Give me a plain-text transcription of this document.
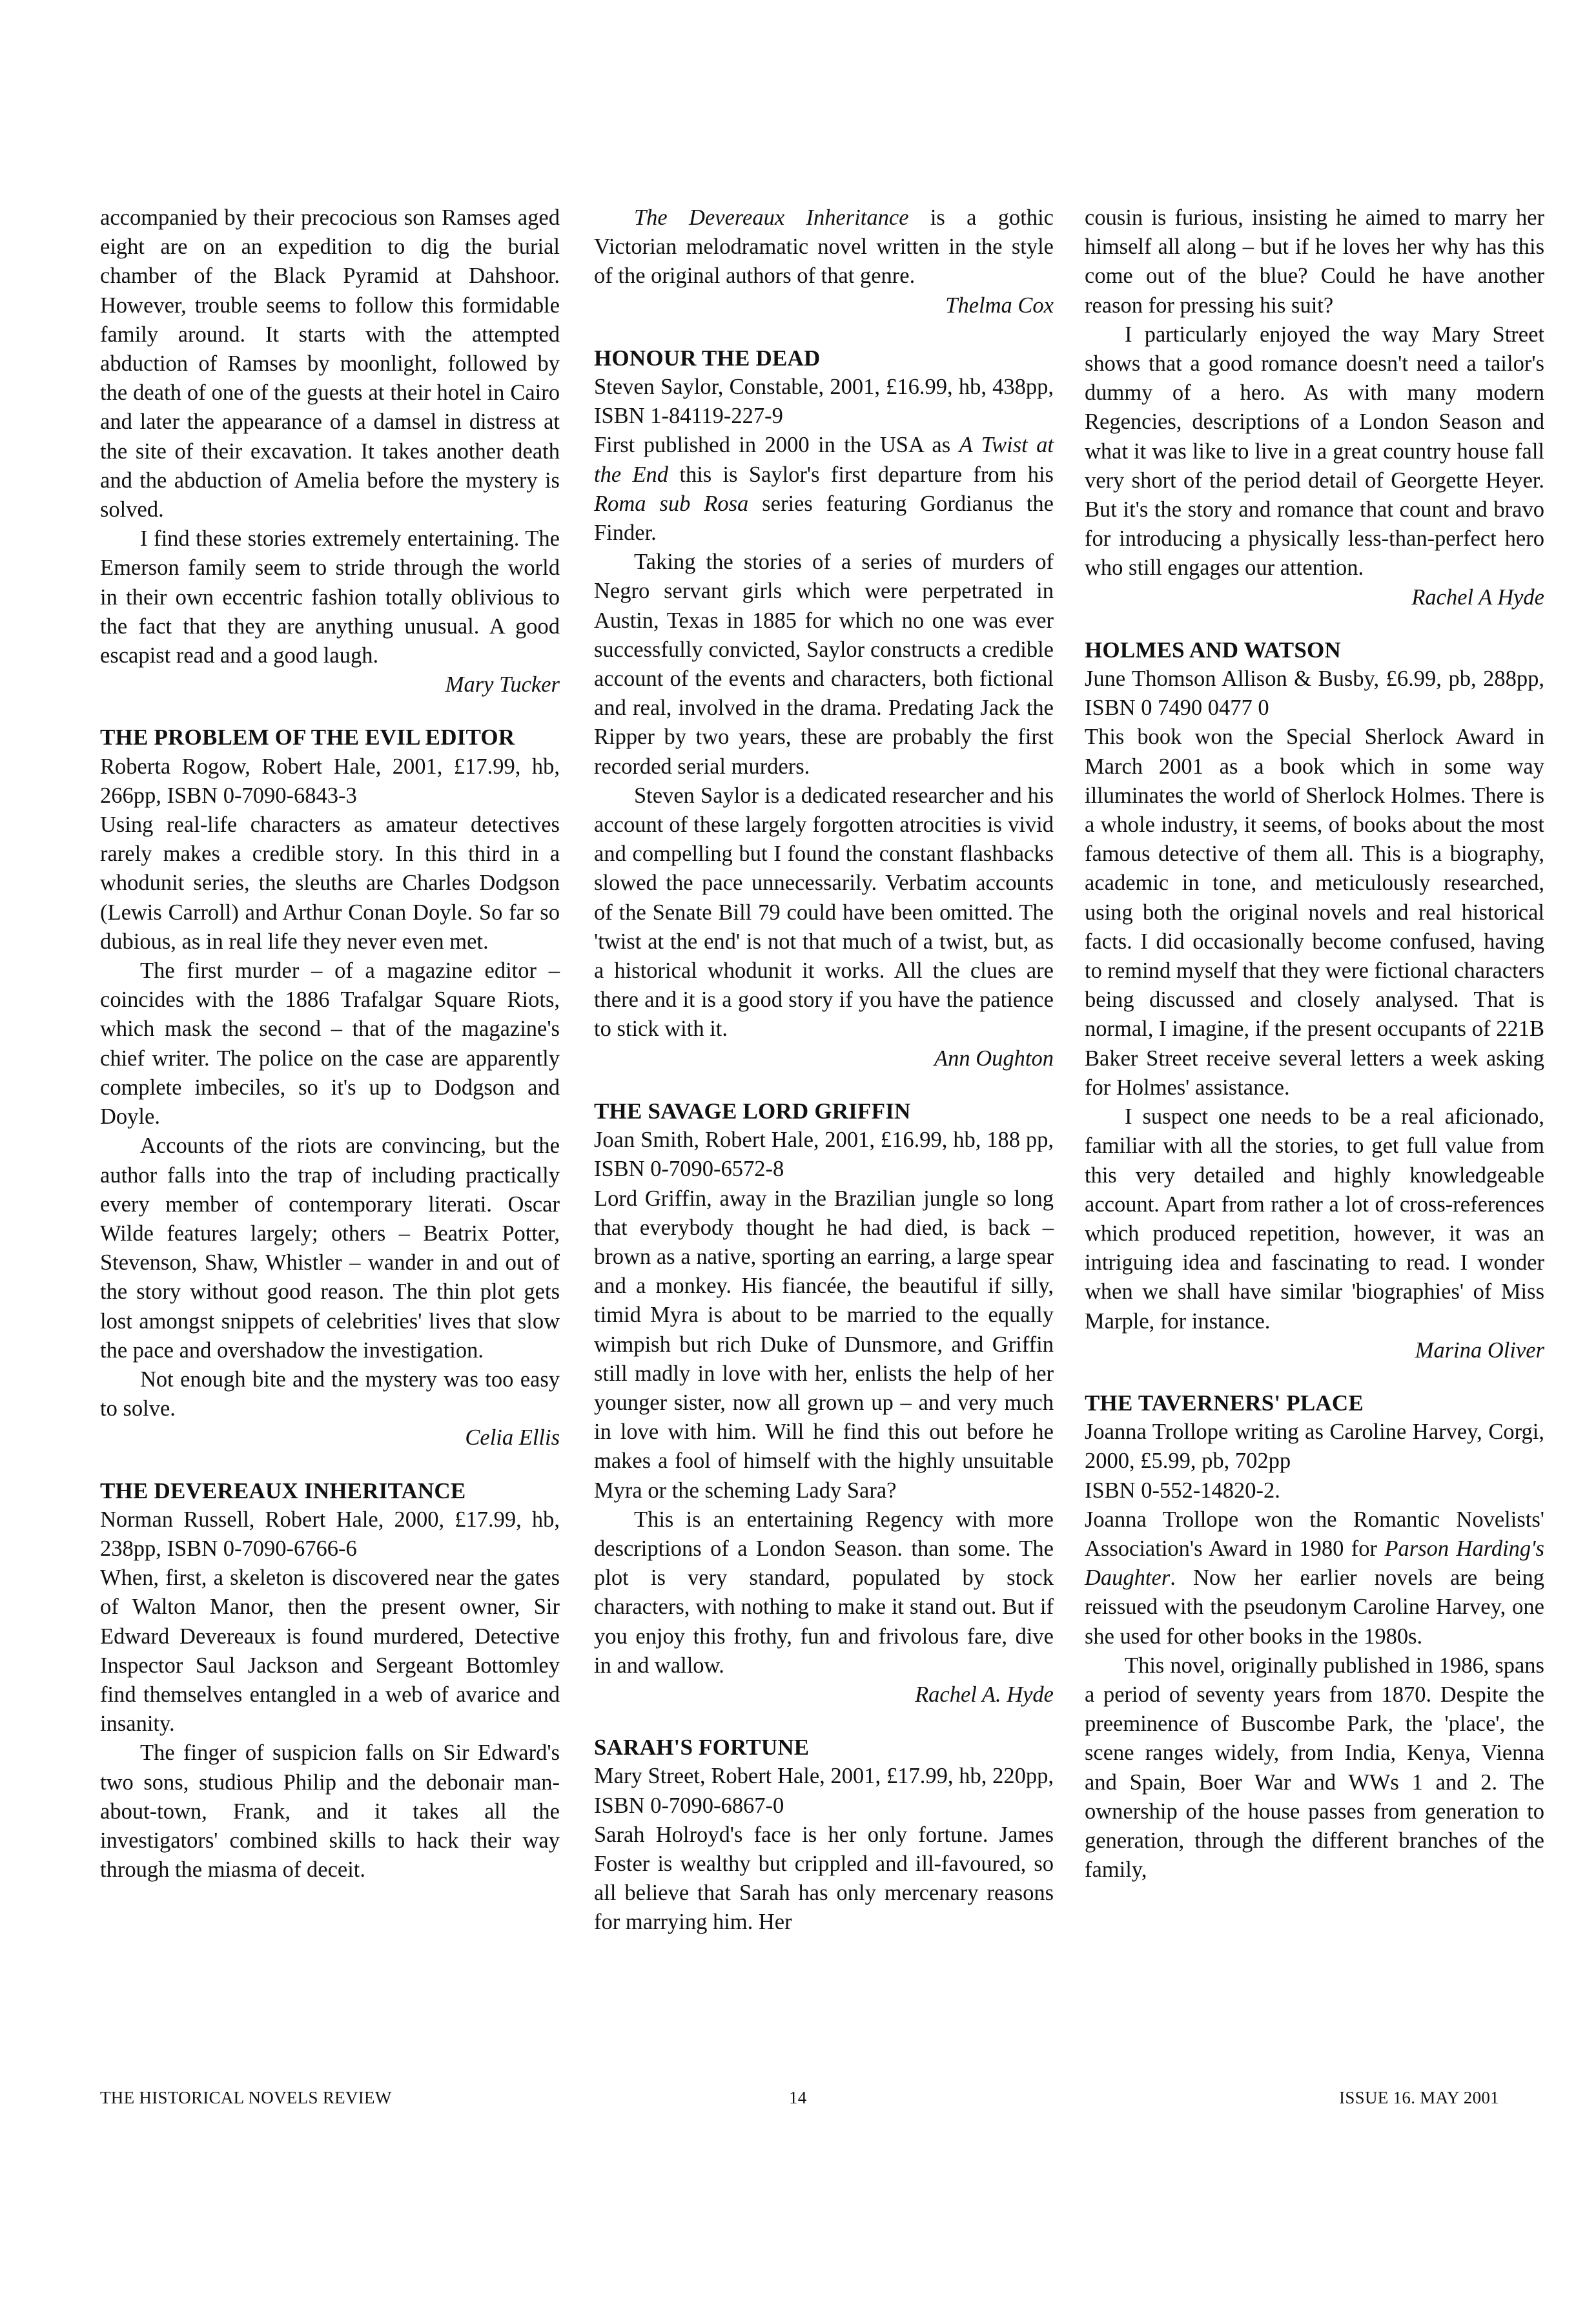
accompanied by their precocious son Ramses aged eight are on an expedition to dig the burial chamber of the Black Pyramid at Dahshoor. However, trouble seems to follow this formidable family around. It starts with the attempted abduction of Ramses by moonlight, followed by the death of one of the guests at their hotel in Cairo and later the appearance of a damsel in distress at the site of their excavation. It takes another death and the abduction of Amelia before the mystery is solved.

I find these stories extremely entertaining. The Emerson family seem to stride through the world in their own eccentric fashion totally oblivious to the fact that they are anything unusual. A good escapist read and a good laugh.

Mary Tucker

THE PROBLEM OF THE EVIL EDITOR

Roberta Rogow, Robert Hale, 2001, £17.99, hb, 266pp, ISBN 0-7090-6843-3

Using real-life characters as amateur detectives rarely makes a credible story. In this third in a whodunit series, the sleuths are Charles Dodgson (Lewis Carroll) and Arthur Conan Doyle. So far so dubious, as in real life they never even met.

The first murder – of a magazine editor – coincides with the 1886 Trafalgar Square Riots, which mask the second – that of the magazine's chief writer. The police on the case are apparently complete imbeciles, so it's up to Dodgson and Doyle.

Accounts of the riots are convincing, but the author falls into the trap of including practically every member of contemporary literati. Oscar Wilde features largely; others – Beatrix Potter, Stevenson, Shaw, Whistler – wander in and out of the story without good reason. The thin plot gets lost amongst snippets of celebrities' lives that slow the pace and overshadow the investigation.

Not enough bite and the mystery was too easy to solve.

Celia Ellis

THE DEVEREAUX INHERITANCE

Norman Russell, Robert Hale, 2000, £17.99, hb, 238pp, ISBN 0-7090-6766-6

When, first, a skeleton is discovered near the gates of Walton Manor, then the present owner, Sir Edward Devereaux is found murdered, Detective Inspector Saul Jackson and Sergeant Bottomley find themselves entangled in a web of avarice and insanity.

The finger of suspicion falls on Sir Edward's two sons, studious Philip and the debonair man-about-town, Frank, and it takes all the investigators' combined skills to hack their way through the miasma of deceit.

The Devereaux Inheritance is a gothic Victorian melodramatic novel written in the style of the original authors of that genre.

Thelma Cox

HONOUR THE DEAD

Steven Saylor, Constable, 2001, £16.99, hb, 438pp, ISBN 1-84119-227-9

First published in 2000 in the USA as A Twist at the End this is Saylor's first departure from his Roma sub Rosa series featuring Gordianus the Finder.

Taking the stories of a series of murders of Negro servant girls which were perpetrated in Austin, Texas in 1885 for which no one was ever successfully convicted, Saylor constructs a credible account of the events and characters, both fictional and real, involved in the drama. Predating Jack the Ripper by two years, these are probably the first recorded serial murders.

Steven Saylor is a dedicated researcher and his account of these largely forgotten atrocities is vivid and compelling but I found the constant flashbacks slowed the pace unnecessarily. Verbatim accounts of the Senate Bill 79 could have been omitted. The 'twist at the end' is not that much of a twist, but, as a historical whodunit it works. All the clues are there and it is a good story if you have the patience to stick with it.

Ann Oughton

THE SAVAGE LORD GRIFFIN

Joan Smith, Robert Hale, 2001, £16.99, hb, 188 pp, ISBN 0-7090-6572-8

Lord Griffin, away in the Brazilian jungle so long that everybody thought he had died, is back – brown as a native, sporting an earring, a large spear and a monkey. His fiancée, the beautiful if silly, timid Myra is about to be married to the equally wimpish but rich Duke of Dunsmore, and Griffin still madly in love with her, enlists the help of her younger sister, now all grown up – and very much in love with him. Will he find this out before he makes a fool of himself with the highly unsuitable Myra or the scheming Lady Sara?

This is an entertaining Regency with more descriptions of a London Season. than some. The plot is very standard, populated by stock characters, with nothing to make it stand out. But if you enjoy this frothy, fun and frivolous fare, dive in and wallow.

Rachel A. Hyde

SARAH'S FORTUNE

Mary Street, Robert Hale, 2001, £17.99, hb, 220pp, ISBN 0-7090-6867-0

Sarah Holroyd's face is her only fortune. James Foster is wealthy but crippled and ill-favoured, so all believe that Sarah has only mercenary reasons for marrying him. Her

cousin is furious, insisting he aimed to marry her himself all along – but if he loves her why has this come out of the blue? Could he have another reason for pressing his suit?

I particularly enjoyed the way Mary Street shows that a good romance doesn't need a tailor's dummy of a hero. As with many modern Regencies, descriptions of a London Season and what it was like to live in a great country house fall very short of the period detail of Georgette Heyer. But it's the story and romance that count and bravo for introducing a physically less-than-perfect hero who still engages our attention.

Rachel A Hyde

HOLMES AND WATSON

June Thomson Allison & Busby, £6.99, pb, 288pp, ISBN 0 7490 0477 0

This book won the Special Sherlock Award in March 2001 as a book which in some way illuminates the world of Sherlock Holmes. There is a whole industry, it seems, of books about the most famous detective of them all. This is a biography, academic in tone, and meticulously researched, using both the original novels and real historical facts. I did occasionally become confused, having to remind myself that they were fictional characters being discussed and closely analysed. That is normal, I imagine, if the present occupants of 221B Baker Street receive several letters a week asking for Holmes' assistance.

I suspect one needs to be a real aficionado, familiar with all the stories, to get full value from this very detailed and highly knowledgeable account. Apart from rather a lot of cross-references which produced repetition, however, it was an intriguing idea and fascinating to read. I wonder when we shall have similar 'biographies' of Miss Marple, for instance.

Marina Oliver

THE TAVERNERS' PLACE

Joanna Trollope writing as Caroline Harvey, Corgi, 2000, £5.99, pb, 702pp

ISBN 0-552-14820-2.

Joanna Trollope won the Romantic Novelists' Association's Award in 1980 for Parson Harding's Daughter. Now her earlier novels are being reissued with the pseudonym Caroline Harvey, one she used for other books in the 1980s.

This novel, originally published in 1986, spans a period of seventy years from 1870. Despite the preeminence of Buscombe Park, the 'place', the scene ranges widely, from India, Kenya, Vienna and Spain, Boer War and WWs 1 and 2. The ownership of the house passes from generation to generation, through the different branches of the family,

THE HISTORICAL NOVELS REVIEW	14	ISSUE 16. MAY 2001
